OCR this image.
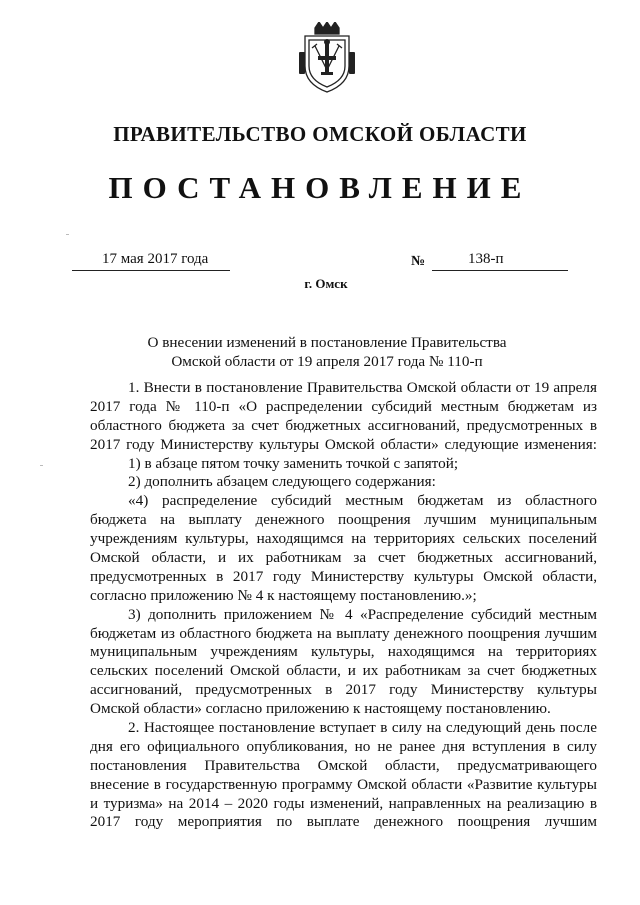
ПРАВИТЕЛЬСТВО ОМСКОЙ ОБЛАСТИ
ПОСТАНОВЛЕНИЕ
17 мая 2017 года	№	138-п
г. Омск
О внесении изменений в постановление Правительства
Омской области от 19 апреля 2017 года № 110-п
1. Внести в постановление Правительства Омской области от 19 апреля
2017 года № 110-п «О распределении субсидий местным бюджетам из
областного бюджета за счет бюджетных ассигнований, предусмотренных в
2017 году Министерству культуры Омской области» следующие изменения:
1) в абзаце пятом точку заменить точкой с запятой;
2) дополнить абзацем следующего содержания:
«4) распределение субсидий местным бюджетам из областного
бюджета на выплату денежного поощрения лучшим муниципальным
учреждениям культуры, находящимся на территориях сельских поселений
Омской области, и их работникам за счет бюджетных ассигнований,
предусмотренных в 2017 году Министерству культуры Омской области,
согласно приложению № 4 к настоящему постановлению.»;
3) дополнить приложением № 4 «Распределение субсидий местным
бюджетам из областного бюджета на выплату денежного поощрения лучшим
муниципальным учреждениям культуры, находящимся на территориях
сельских поселений Омской области, и их работникам за счет бюджетных
ассигнований, предусмотренных в 2017 году Министерству культуры
Омской области» согласно приложению к настоящему постановлению.
2. Настоящее постановление вступает в силу на следующий день после
дня его официального опубликования, но не ранее дня вступления в силу
постановления Правительства Омской области, предусматривающего
внесение в государственную программу Омской области «Развитие культуры
и туризма» на 2014 – 2020 годы изменений, направленных на реализацию в
2017 году мероприятия по выплате денежного поощрения лучшим
